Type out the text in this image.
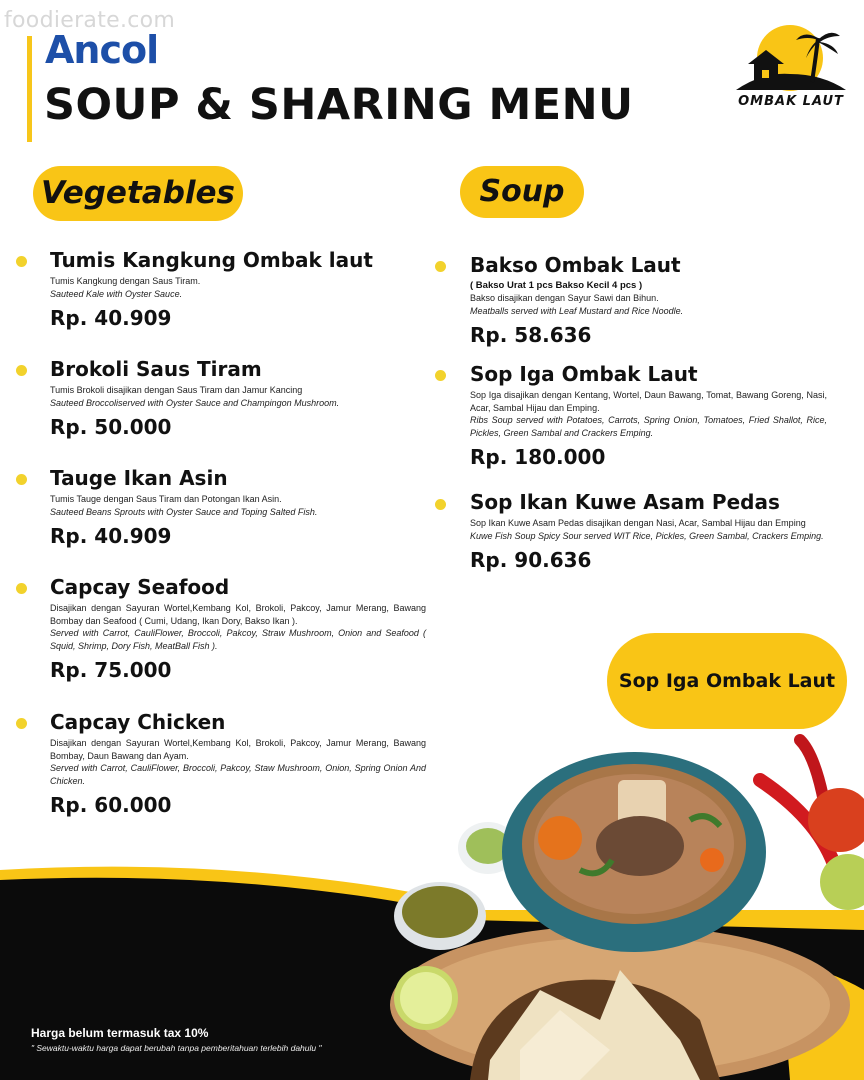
foodierate.com
Ancol
SOUP & SHARING MENU	OMBAK LAUT
Vegetables	Soup
Tumis Kangkung Ombak laut
Tumis Kangkung dengan Saus Tiram.
Sauteed Kale with Oyster Sauce.
Rp. 40.909
Brokoli Saus Tiram
Tumis Brokoli disajikan dengan Saus Tiram dan Jamur Kancing
Sauteed Broccoliserved with Oyster Sauce and Champingon Mushroom.
Rp. 50.000
Tauge Ikan Asin
Tumis Tauge dengan Saus Tiram dan Potongan Ikan Asin.
Sauteed Beans Sprouts with Oyster Sauce and Toping Salted Fish.
Rp. 40.909
Capcay Seafood
Disajikan dengan Sayuran Wortel,Kembang Kol, Brokoli, Pakcoy, Jamur Merang, Bawang Bombay dan Seafood ( Cumi, Udang, Ikan Dory, Bakso Ikan ).
Served with Carrot, CauliFlower, Broccoli, Pakcoy, Straw Mushroom, Onion and Seafood ( Squid, Shrimp, Dory Fish, MeatBall Fish ).
Rp. 75.000
Capcay Chicken
Disajikan dengan Sayuran Wortel,Kembang Kol, Brokoli, Pakcoy, Jamur Merang, Bawang Bombay, Daun Bawang dan Ayam.
Served with Carrot, CauliFlower, Broccoli, Pakcoy, Staw Mushroom, Onion, Spring Onion And Chicken.
Rp. 60.000
Bakso Ombak Laut
( Bakso Urat 1 pcs Bakso Kecil 4 pcs )
Bakso disajikan dengan Sayur Sawi dan Bihun.
Meatballs served with Leaf Mustard and Rice Noodle.
Rp. 58.636
Sop Iga Ombak Laut
Sop Iga disajikan dengan Kentang, Wortel, Daun Bawang, Tomat, Bawang Goreng, Nasi, Acar, Sambal Hijau dan Emping.
Ribs Soup served with Potatoes, Carrots, Spring Onion, Tomatoes, Fried Shallot, Rice, Pickles, Green Sambal and Crackers Emping.
Rp. 180.000
Sop Ikan Kuwe Asam Pedas
Sop Ikan Kuwe Asam Pedas disajikan dengan Nasi, Acar, Sambal Hijau dan Emping
Kuwe Fish Soup Spicy Sour served WIT Rice, Pickles, Green Sambal, Crackers Emping.
Rp. 90.636
Sop Iga Ombak Laut
Harga belum termasuk tax 10%
" Sewaktu-waktu harga dapat berubah tanpa pemberitahuan terlebih dahulu "
